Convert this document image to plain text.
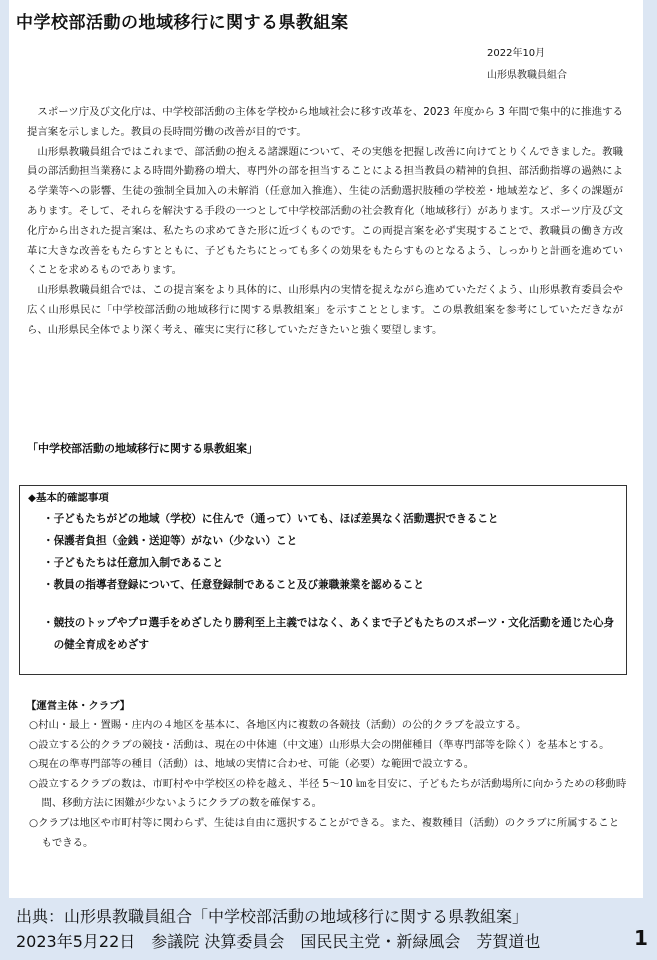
中学校部活動の地域移行に関する県教組案
2022年10月
山形県教職員組合

スポーツ庁及び文化庁は、中学校部活動の主体を学校から地域社会に移す改革を、2023 年度から 3 年間で集中的に推進する提言案を示しました。教員の長時間労働の改善が目的です。

山形県教職員組合ではこれまで、部活動の抱える諸課題について、その実態を把握し改善に向けてとりくんできました。教職員の部活動担当業務による時間外勤務の増大、専門外の部を担当することによる担当教員の精神的負担、部活動指導の過熱による学業等への影響、生徒の強制全員加入の未解消（任意加入推進）、生徒の活動選択肢種の学校差・地域差など、多くの課題があります。そして、それらを解決する手段の一つとして中学校部活動の社会教育化（地域移行）があります。スポーツ庁及び文化庁から出された提言案は、私たちの求めてきた形に近づくものです。この両提言案を必ず実現することで、教職員の働き方改革に大きな改善をもたらすとともに、子どもたちにとっても多くの効果をもたらすものとなるよう、しっかりと計画を進めていくことを求めるものであります。

山形県教職員組合では、この提言案をより具体的に、山形県内の実情を捉えながら進めていただくよう、山形県教育委員会や広く山形県民に「中学校部活動の地域移行に関する県教組案」を示すこととします。この県教組案を参考にしていただきながら、山形県民全体でより深く考え、確実に実行に移していただきたいと強く要望します。

「中学校部活動の地域移行に関する県教組案」
◆基本的確認事項
・子どもたちがどの地域（学校）に住んで（通って）いても、ほぼ差異なく活動選択できること
・保護者負担（金銭・送迎等）がない（少ない）こと
・子どもたちは任意加入制であること
・教員の指導者登録について、任意登録制であること及び兼職兼業を認めること
・競技のトップやプロ選手をめざしたり勝利至上主義ではなく、あくまで子どもたちのスポーツ・文化活動を通じた心身の健全育成をめざす
【運営主体・クラブ】

○村山・最上・置賜・庄内の４地区を基本に、各地区内に複数の各競技（活動）の公的クラブを設立する。

○設立する公的クラブの競技・活動は、現在の中体連（中文連）山形県大会の開催種目（準専門部等を除く）を基本とする。

○現在の準専門部等の種目（活動）は、地域の実情に合わせ、可能（必要）な範囲で設立する。

○設立するクラブの数は、市町村や中学校区の枠を越え、半径 5～10 ㎞を目安に、子どもたちが活動場所に向かうための移動時間、移動方法に困難が少ないようにクラブの数を確保する。

○クラブは地区や市町村等に関わらず、生徒は自由に選択することができる。また、複数種目（活動）のクラブに所属することもできる。

出典：山形県教職員組合「中学校部活動の地域移行に関する県教組案」
2023年5月22日　参議院 決算委員会　国民民主党・新緑風会　芳賀道也	1
